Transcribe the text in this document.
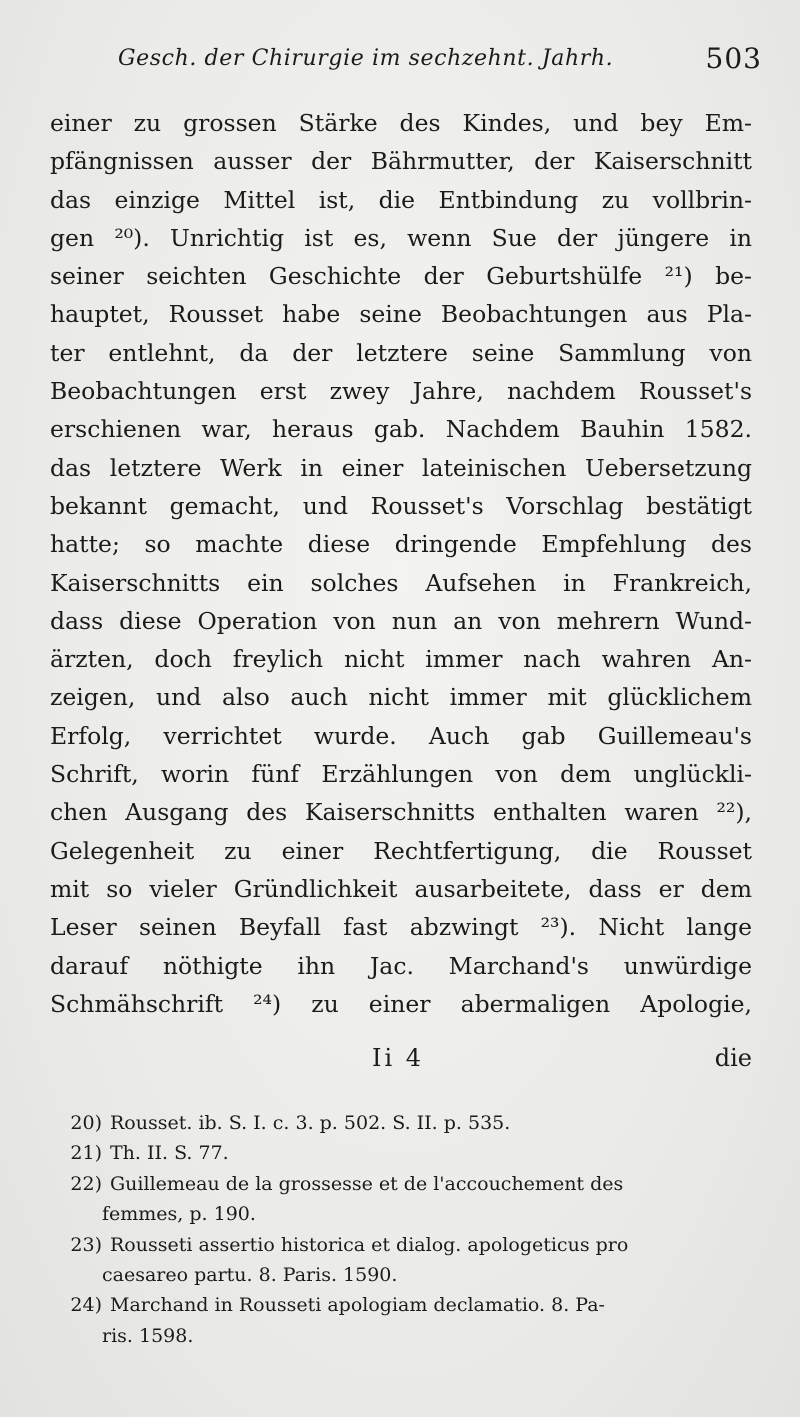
Gesch. der Chirurgie im sechzehnt. Jahrh.	503
einer zu grossen Stärke des Kindes, und bey Em-
pfängnissen ausser der Bährmutter, der Kaiserschnitt
das einzige Mittel ist, die Entbindung zu vollbrin-
gen ²⁰). Unrichtig ist es, wenn Sue der jüngere in
seiner seichten Geschichte der Geburtshülfe ²¹) be-
hauptet, Rousset habe seine Beobachtungen aus Pla-
ter entlehnt, da der letztere seine Sammlung von
Beobachtungen erst zwey Jahre, nachdem Rousset's
erschienen war, heraus gab. Nachdem Bauhin 1582.
das letztere Werk in einer lateinischen Uebersetzung
bekannt gemacht, und Rousset's Vorschlag bestätigt
hatte; so machte diese dringende Empfehlung des
Kaiserschnitts ein solches Aufsehen in Frankreich,
dass diese Operation von nun an von mehrern Wund-
ärzten, doch freylich nicht immer nach wahren An-
zeigen, und also auch nicht immer mit glücklichem
Erfolg, verrichtet wurde. Auch gab Guillemeau's
Schrift, worin fünf Erzählungen von dem unglückli-
chen Ausgang des Kaiserschnitts enthalten waren ²²),
Gelegenheit zu einer Rechtfertigung, die Rousset
mit so vieler Gründlichkeit ausarbeitete, dass er dem
Leser seinen Beyfall fast abzwingt ²³). Nicht lange
darauf nöthigte ihn Jac. Marchand's unwürdige
Schmähschrift ²⁴) zu einer abermaligen Apologie,
Ii 4	die
20) Rousset. ib. S. I. c. 3. p. 502. S. II. p. 535.
21) Th. II. S. 77.
22) Guillemeau de la grossesse et de l'accouchement des
femmes, p. 190.
23) Rousseti assertio historica et dialog. apologeticus pro
caesareo partu. 8. Paris. 1590.
24) Marchand in Rousseti apologiam declamatio. 8. Pa-
ris. 1598.
